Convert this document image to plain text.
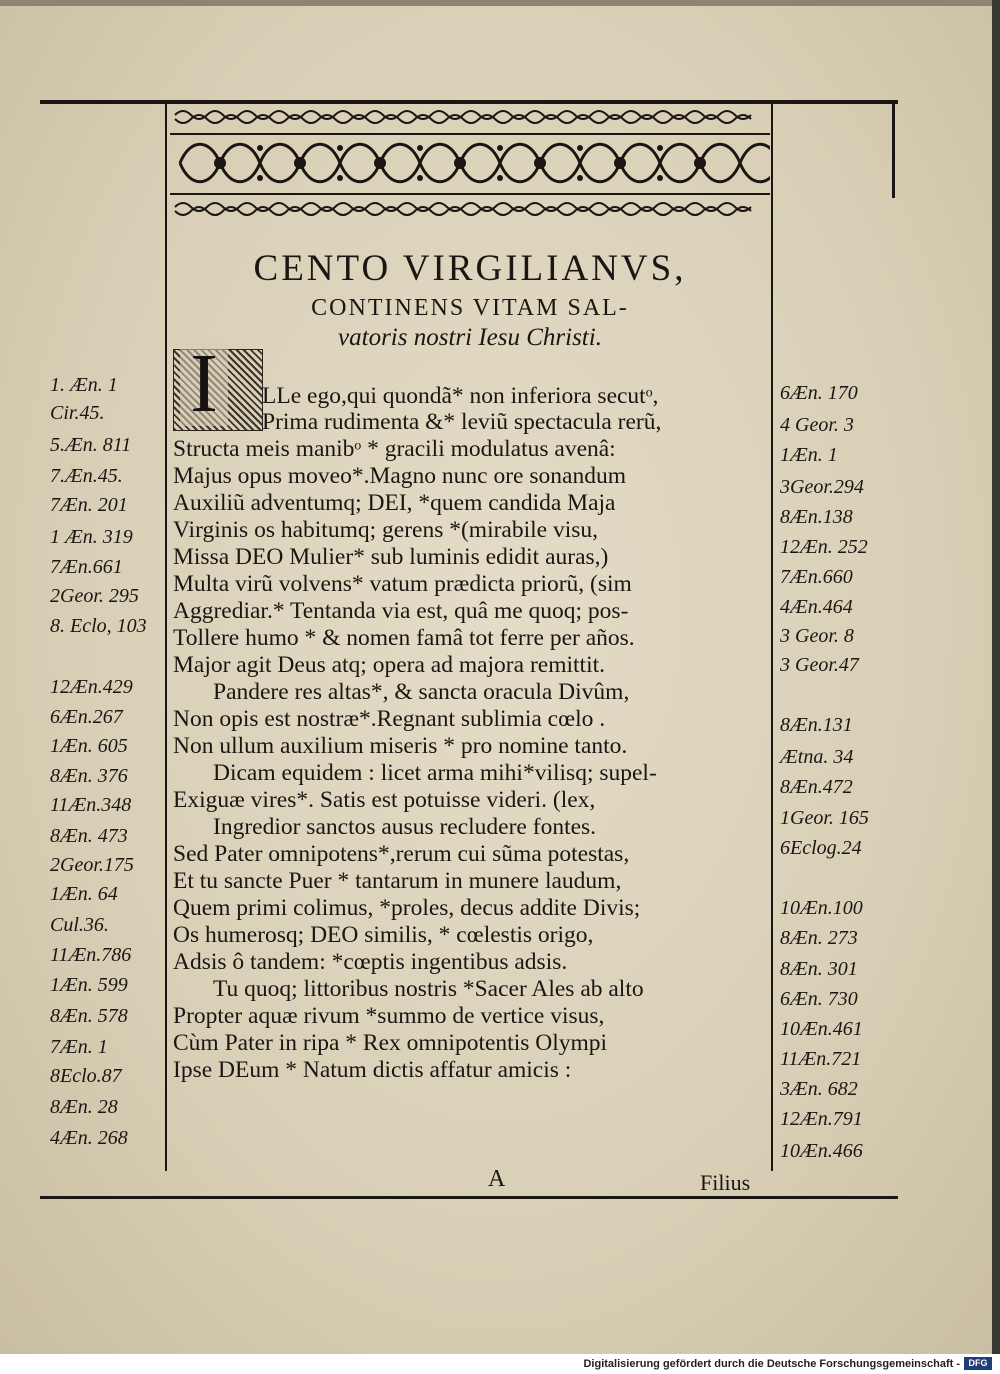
CENTO VIRGILIANVS,
CONTINENS VITAM SAL-
vatoris nostri Iesu Christi.
I	LLe ego,qui quondã* non inferiora secutᵒ,
Prima rudimenta &* leviũ spectacula rerũ,
Structa meis manibᵒ * gracili modulatus avenâ:
Majus opus moveo*.Magno nunc ore sonandum
Auxiliũ adventumq; DEI, *quem candida Maja
Virginis os habitumq; gerens *(mirabile visu,
Missa DEO Mulier* sub luminis edidit auras,)
Multa virũ volvens* vatum prædicta priorũ, (sim
Aggrediar.* Tentanda via est, quâ me quoq; pos-
Tollere humo * & nomen famâ tot ferre per años.
Major agit Deus atq; opera ad majora remittit.
Pandere res altas*, & sancta oracula Divûm,
Non opis est nostræ*.Regnant sublimia cœlo .
Non ullum auxilium miseris * pro nomine tanto.
Dicam equidem : licet arma mihi*vilisq; supel-
Exiguæ vires*. Satis est potuisse videri. (lex,
Ingredior sanctos ausus recludere fontes.
Sed Pater omnipotens*,rerum cui sũma potestas,
Et tu sancte Puer * tantarum in munere laudum,
Quem primi colimus, *proles, decus addite Divis;
Os humerosq; DEO similis, * cœlestis origo,
Adsis ô tandem: *cœptis ingentibus adsis.
Tu quoq; littoribus nostris *Sacer Ales ab alto
Propter aquæ rivum *summo de vertice visus,
Cùm Pater in ripa * Rex omnipotentis Olympi
Ipse DEum * Natum dictis affatur amicis :
1. Æn. 1
Cir.45.
5.Æn. 811
7.Æn.45.
7Æn. 201
1 Æn. 319
7Æn.661
2Geor. 295
8. Eclo, 103
12Æn.429
6Æn.267
1Æn. 605
8Æn. 376
11Æn.348
8Æn. 473
2Geor.175
1Æn. 64
Cul.36.
11Æn.786
1Æn. 599
8Æn. 578
7Æn. 1
8Eclo.87
8Æn. 28
4Æn. 268
6Æn. 170
4 Geor. 3
1Æn. 1
3Geor.294
8Æn.138
12Æn. 252
7Æn.660
4Æn.464
3 Geor. 8
3 Geor.47
8Æn.131
Ætna. 34
8Æn.472
1Geor. 165
6Eclog.24
10Æn.100
8Æn. 273
8Æn. 301
6Æn. 730
10Æn.461
11Æn.721
3Æn. 682
12Æn.791
10Æn.466
A	Filius
Digitalisierung gefördert durch die Deutsche Forschungsgemeinschaft - DFG
